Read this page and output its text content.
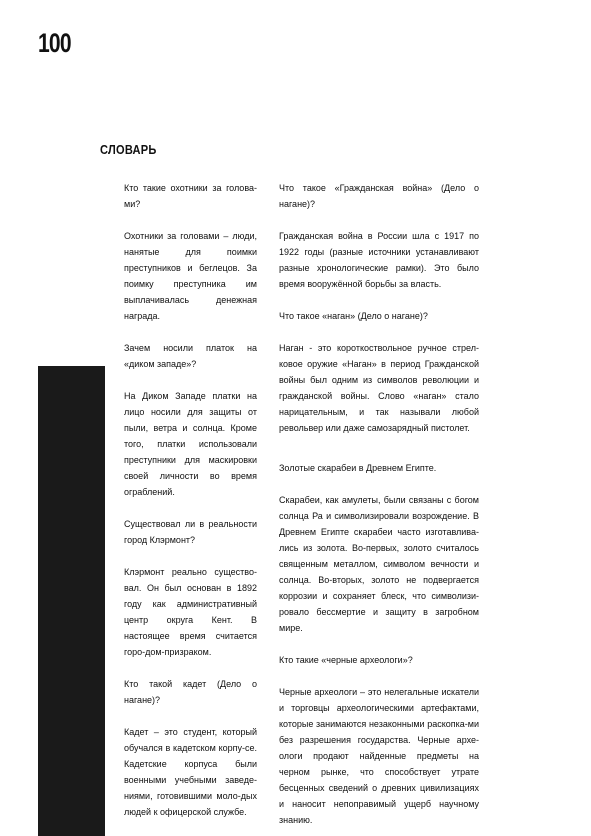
100
СЛОВАРЬ
Кто такие охотники за голова-ми?
Охотники за головами – люди, нанятые для поимки преступников и беглецов. За поимку преступника им выплачивалась денежная награда.
Зачем носили платок на «диком западе»?
На Диком Западе платки на лицо носили для защиты от пыли, ветра и солнца. Кроме того, платки использовали преступники для маскировки своей личности во время ограблений.
Существовал ли в реальности город Клэрмонт?
Клэрмонт реально существо-вал. Он был основан в 1892 году как административный центр округа Кент. В настоящее время считается горо-дом-призраком.
Кто такой кадет (Дело о нагане)?
Кадет – это студент, который обучался в кадетском корпу-се. Кадетские корпуса были военными учебными заведе-ниями, готовившими моло-дых людей к офицерской службе.
Что такое «Гражданская война» (Дело о нагане)?
Гражданская война в России шла с 1917 по 1922 годы (разные источники устанавливают разные хронологические рамки). Это было время вооружённой борьбы за власть.
Что такое «наган» (Дело о нагане)?
Наган - это короткоствольное ручное стрел-ковое оружие «Наган» в период Гражданской войны был одним из символов революции и гражданской войны. Слово «наган» стало нарицательным, и так называли любой револьвер или даже самозарядный пистолет.
Золотые скарабеи в Древнем Египте.
Скарабеи, как амулеты, были связаны с богом солнца Ра и символизировали возрождение. В Древнем Египте скарабеи часто изготавлива-лись из золота. Во-первых, золото считалось священным металлом, символом вечности и солнца. Во-вторых, золото не подвергается коррозии и сохраняет блеск, что символизи-ровало бессмертие и защиту в загробном мире.
Кто такие «черные археологи»?
Черные археологи – это нелегальные искатели и торговцы археологическими артефактами, которые занимаются незаконными раскопка-ми без разрешения государства. Черные архе-ологи продают найденные предметы на черном рынке, что способствует утрате бесценных сведений о древних цивилизациях и наносит непоправимый ущерб научному знанию.
